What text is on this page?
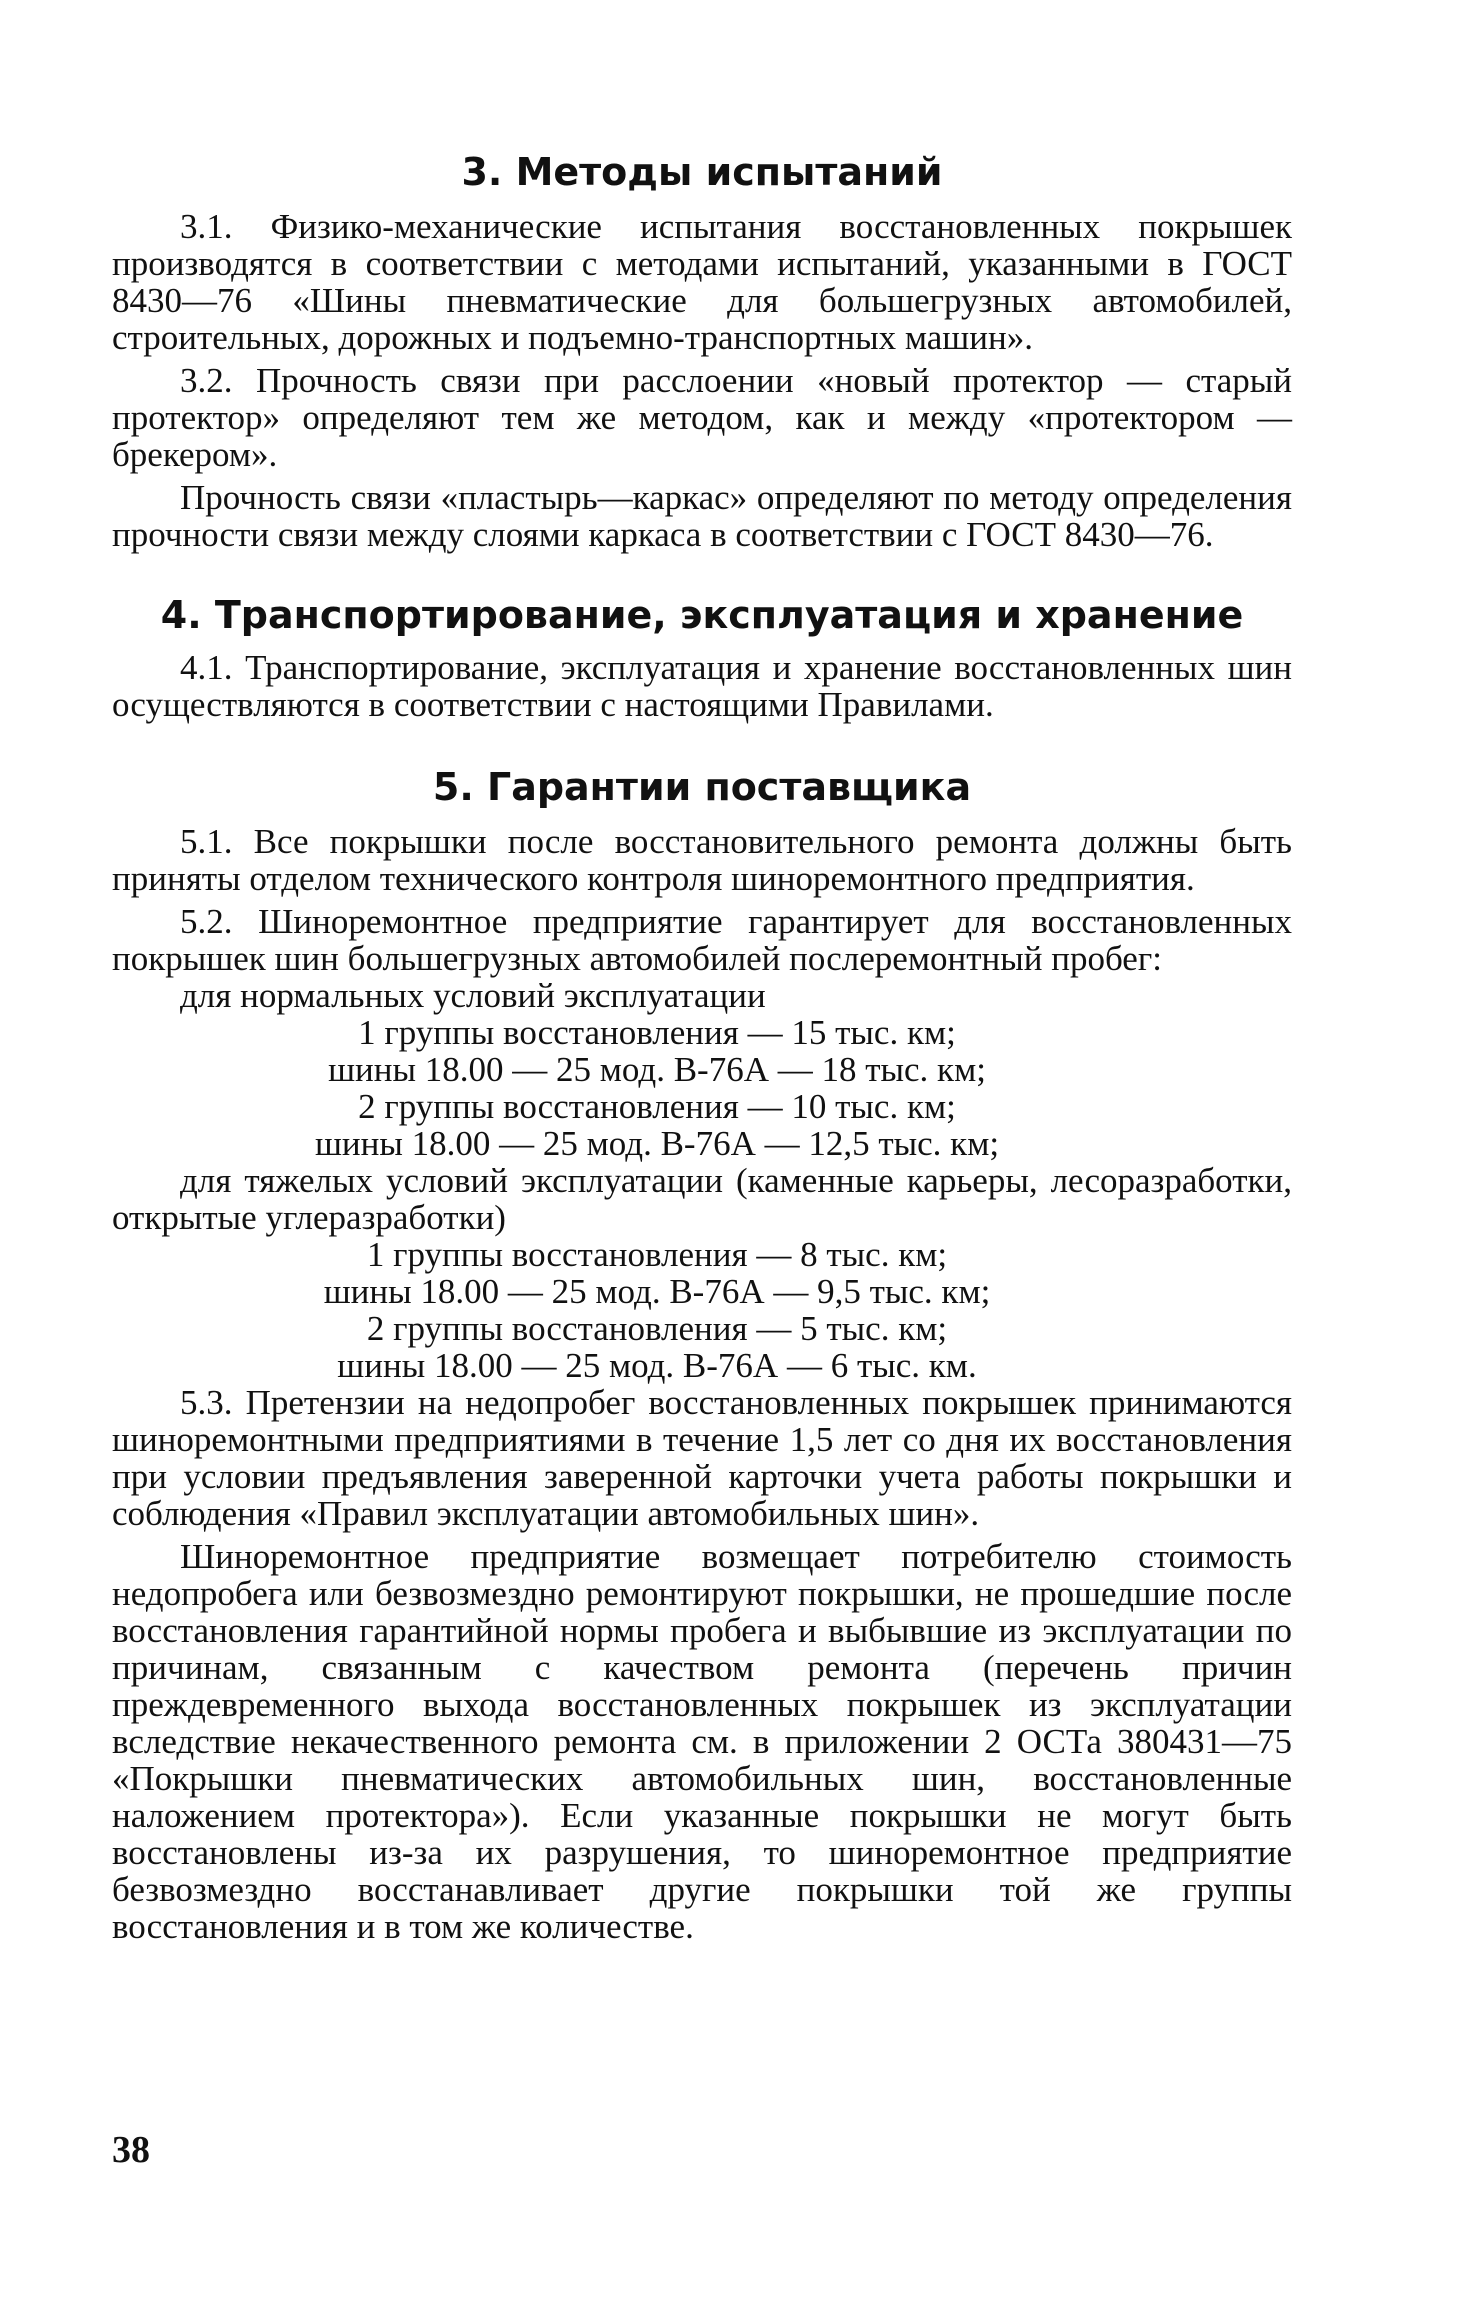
3. Методы испытаний

3.1. Физико-механические испытания восстановленных покрышек производятся в соответствии с методами испытаний, указанными в ГОСТ 8430—76 «Шины пневматические для большегрузных автомобилей, строительных, дорожных и подъемно-транспортных машин».

3.2. Прочность связи при расслоении «новый протектор — старый протектор» определяют тем же методом, как и между «протектором — брекером».

Прочность связи «пластырь—каркас» определяют по методу определения прочности связи между слоями каркаса в соответствии с ГОСТ 8430—76.

4. Транспортирование, эксплуатация и хранение

4.1. Транспортирование, эксплуатация и хранение восстановленных шин осуществляются в соответствии с настоящими Правилами.

5. Гарантии поставщика

5.1. Все покрышки после восстановительного ремонта должны быть приняты отделом технического контроля шиноремонтного предприятия.

5.2. Шиноремонтное предприятие гарантирует для восстановленных покрышек шин большегрузных автомобилей послеремонтный пробег:

для нормальных условий эксплуатации
1 группы восстановления — 15 тыс. км;
шины 18.00 — 25 мод. В-76А — 18 тыс. км;
2 группы восстановления — 10 тыс. км;
шины 18.00 — 25 мод. В-76А — 12,5 тыс. км;

для тяжелых условий эксплуатации (каменные карьеры, лесоразработки, открытые углеразработки)

1 группы восстановления — 8 тыс. км;
шины 18.00 — 25 мод. В-76А — 9,5 тыс. км;
2 группы восстановления — 5 тыс. км;
шины 18.00 — 25 мод. В-76А — 6 тыс. км.

5.3. Претензии на недопробег восстановленных покрышек принимаются шиноремонтными предприятиями в течение 1,5 лет со дня их восстановления при условии предъявления заверенной карточки учета работы покрышки и соблюдения «Правил эксплуатации автомобильных шин».

Шиноремонтное предприятие возмещает потребителю стоимость недопробега или безвозмездно ремонтируют покрышки, не прошедшие после восстановления гарантийной нормы пробега и выбывшие из эксплуатации по причинам, связанным с качеством ремонта (перечень причин преждевременного выхода восстановленных покрышек из эксплуатации вследствие некачественного ремонта см. в приложении 2 ОСТа 380431—75 «Покрышки пневматических автомобильных шин, восстановленные наложением протектора»). Если указанные покрышки не могут быть восстановлены из-за их разрушения, то шиноремонтное предприятие безвозмездно восстанавливает другие покрышки той же группы восстановления и в том же количестве.

38
